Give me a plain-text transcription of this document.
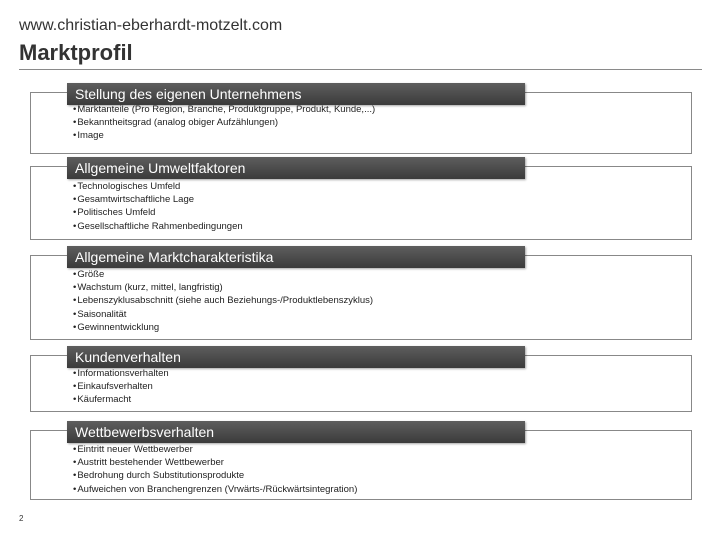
www.christian-eberhardt-motzelt.com
Marktprofil
Stellung des eigenen Unternehmens
• Marktanteile (Pro Region, Branche, Produktgruppe, Produkt, Kunde,...)
• Bekanntheitsgrad (analog obiger Aufzählungen)
• Image
Allgemeine Umweltfaktoren
• Technologisches Umfeld
• Gesamtwirtschaftliche Lage
• Politisches Umfeld
• Gesellschaftliche Rahmenbedingungen
Allgemeine Marktcharakteristika
• Größe
• Wachstum (kurz, mittel, langfristig)
• Lebenszyklusabschnitt (siehe auch Beziehungs-/Produktlebenszyklus)
• Saisonalität
• Gewinnentwicklung
Kundenverhalten
• Informationsverhalten
• Einkaufsverhalten
• Käufermacht
Wettbewerbsverhalten
• Eintritt neuer Wettbewerber
• Austritt bestehender Wettbewerber
• Bedrohung durch Substitutionsprodukte
• Aufweichen von Branchengrenzen (Vrwärts-/Rückwärtsintegration)
2
